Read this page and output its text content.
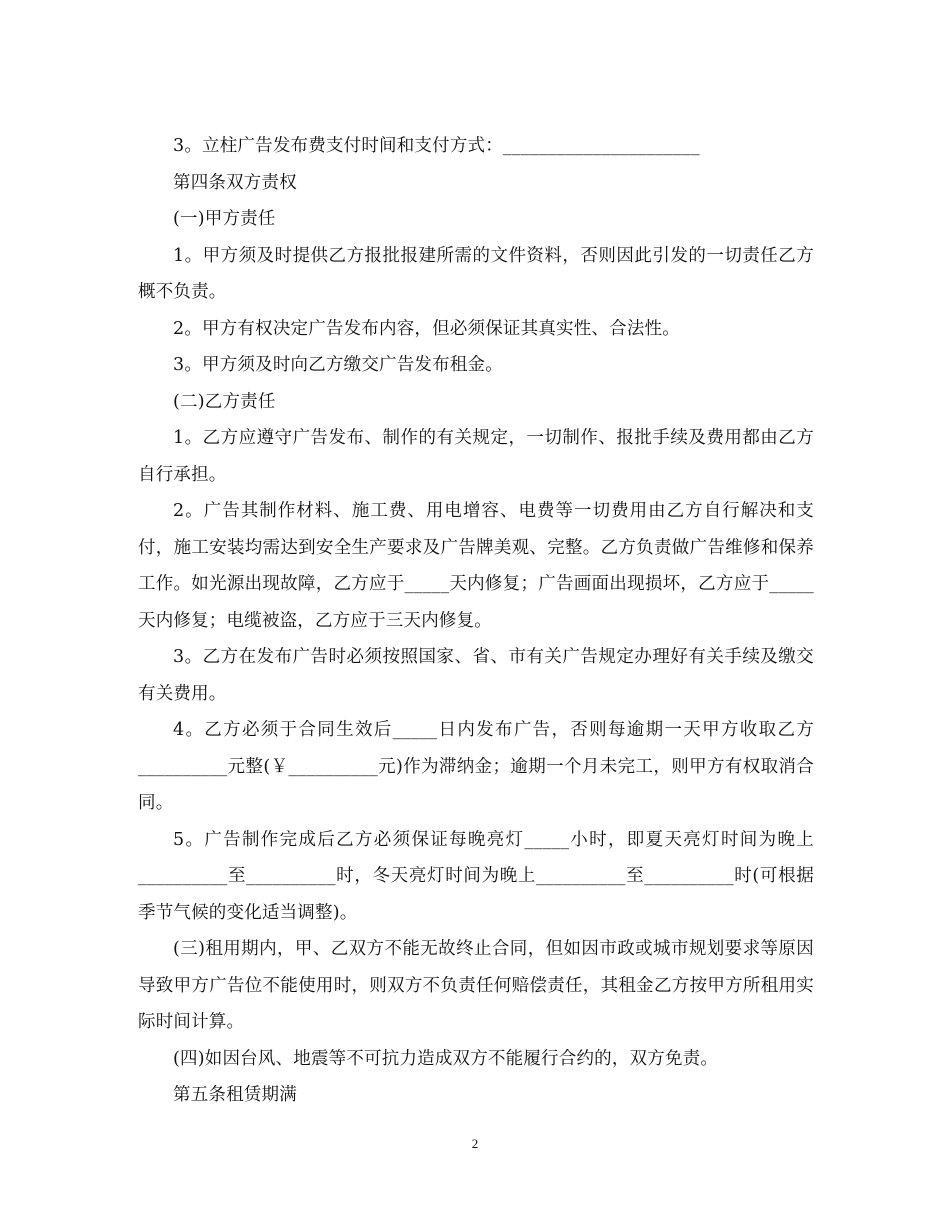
3。立柱广告发布费支付时间和支付方式：______________________

第四条双方责权

(一)甲方责任

1。甲方须及时提供乙方报批报建所需的文件资料，否则因此引发的一切责任乙方概不负责。

2。甲方有权决定广告发布内容，但必须保证其真实性、合法性。

3。甲方须及时向乙方缴交广告发布租金。

(二)乙方责任

1。乙方应遵守广告发布、制作的有关规定，一切制作、报批手续及费用都由乙方自行承担。

2。广告其制作材料、施工费、用电增容、电费等一切费用由乙方自行解决和支付，施工安装均需达到安全生产要求及广告牌美观、完整。乙方负责做广告维修和保养工作。如光源出现故障，乙方应于_____天内修复；广告画面出现损坏，乙方应于_____天内修复；电缆被盗，乙方应于三天内修复。

3。乙方在发布广告时必须按照国家、省、市有关广告规定办理好有关手续及缴交有关费用。

4。乙方必须于合同生效后_____日内发布广告，否则每逾期一天甲方收取乙方__________元整(￥__________元)作为滞纳金；逾期一个月未完工，则甲方有权取消合同。

5。广告制作完成后乙方必须保证每晚亮灯_____小时，即夏天亮灯时间为晚上__________至__________时，冬天亮灯时间为晚上__________至__________时(可根据季节气候的变化适当调整)。

(三)租用期内，甲、乙双方不能无故终止合同，但如因市政或城市规划要求等原因导致甲方广告位不能使用时，则双方不负责任何赔偿责任，其租金乙方按甲方所租用实际时间计算。

(四)如因台风、地震等不可抗力造成双方不能履行合约的，双方免责。

第五条租赁期满

2
